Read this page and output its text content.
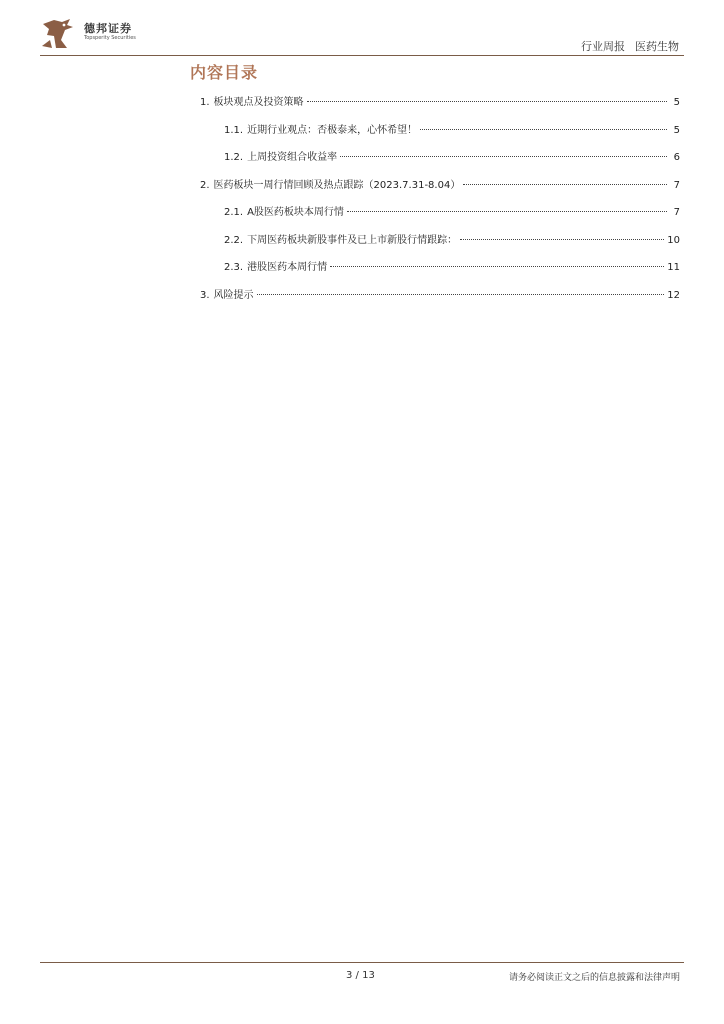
德邦证券
Topsperity Securities
行业周报 医药生物
内容目录
1. 板块观点及投资策略	5
1.1. 近期行业观点：否极泰来，心怀希望！	5
1.2. 上周投资组合收益率	6
2. 医药板块一周行情回顾及热点跟踪（2023.7.31-8.04）	7
2.1. A股医药板块本周行情	7
2.2. 下周医药板块新股事件及已上市新股行情跟踪：	10
2.3. 港股医药本周行情	11
3. 风险提示	12
3 / 13	请务必阅读正文之后的信息披露和法律声明
